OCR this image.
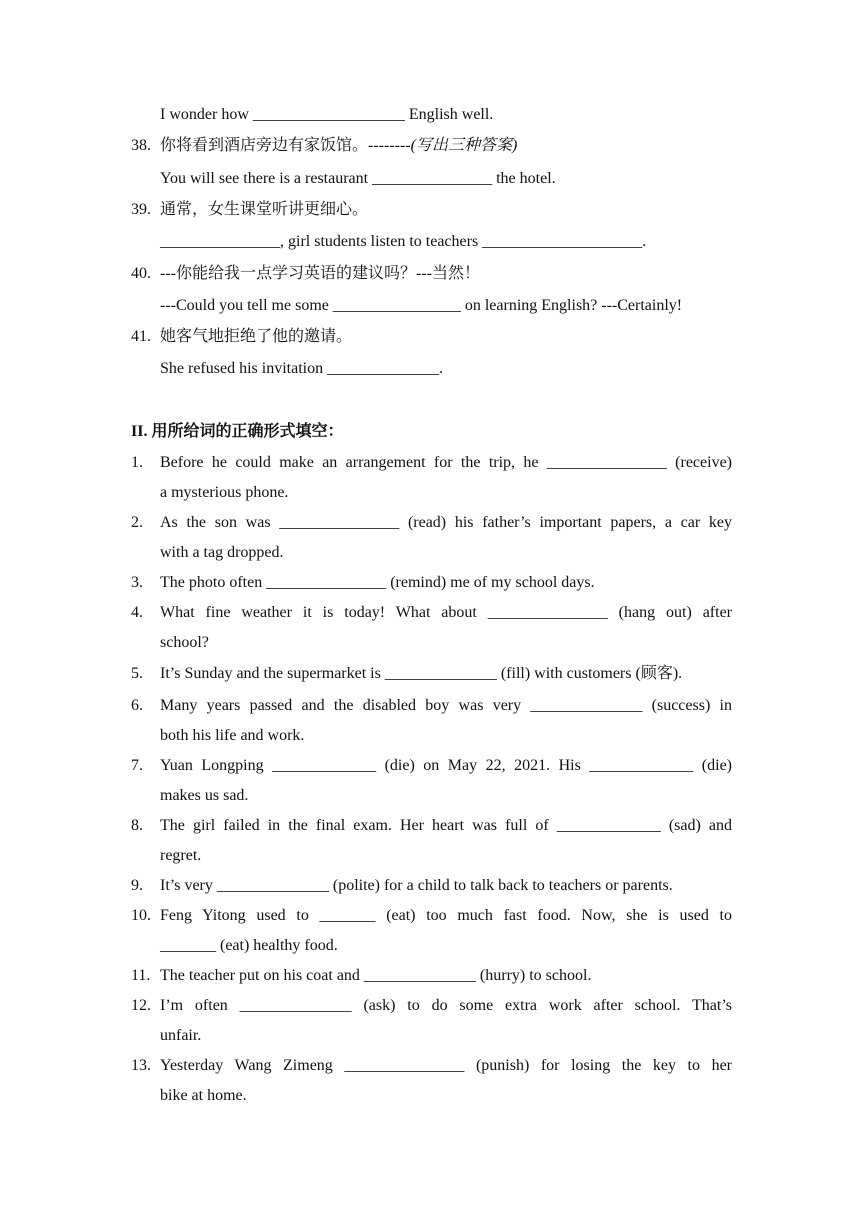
I wonder how ___________________ English well.
38. 你将看到酒店旁边有家饭馆。--------(写出三种答案)
You will see there is a restaurant _______________ the hotel.
39. 通常，女生课堂听讲更细心。
_______________, girl students listen to teachers ____________________.
40. ---你能给我一点学习英语的建议吗？---当然！
---Could you tell me some ________________ on learning English? ---Certainly!
41. 她客气地拒绝了他的邀请。
She refused his invitation ______________.
II. 用所给词的正确形式填空：
1.	Before he could make an arrangement for the trip, he _______________ (receive)
a mysterious phone.
2.	As the son was _______________ (read) his father’s important papers, a car key
with a tag dropped.
3.	The photo often _______________ (remind) me of my school days.
4.	What fine weather it is today! What about _______________ (hang out) after
school?
5.	It’s Sunday and the supermarket is ______________ (fill) with customers (顾客).
6.	Many years passed and the disabled boy was very ______________ (success) in
both his life and work.
7.	Yuan Longping _____________ (die) on May 22, 2021. His _____________ (die)
makes us sad.
8.	The girl failed in the final exam. Her heart was full of _____________ (sad) and
regret.
9.	It’s very ______________ (polite) for a child to talk back to teachers or parents.
10. Feng Yitong used to _______ (eat) too much fast food. Now, she is used to
_______ (eat) healthy food.
11. The teacher put on his coat and ______________ (hurry) to school.
12. I’m often ______________ (ask) to do some extra work after school. That’s
unfair.
13. Yesterday Wang Zimeng _______________ (punish) for losing the key to her
bike at home.
